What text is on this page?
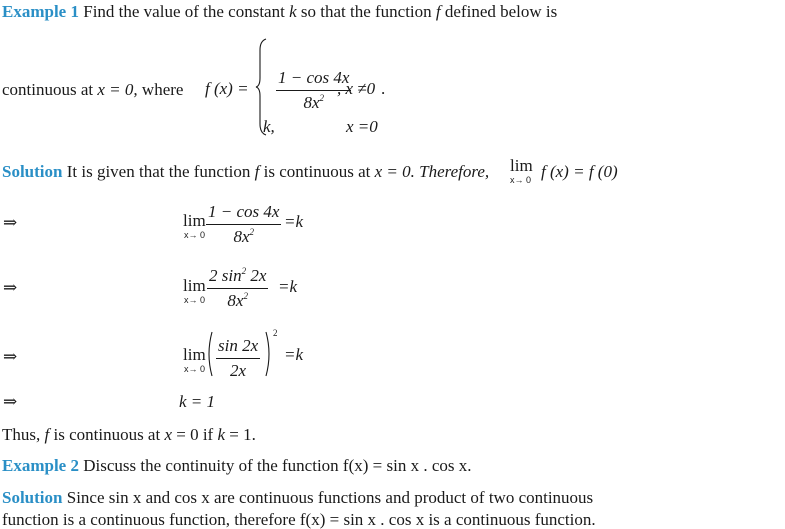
Example 1 Find the value of the constant k so that the function f defined below is
continuous at x = 0, where f (x) =
1 − cos 4x
$8x^2$ , x ≠0 .
k,	x =0
Solution It is given that the function f is continuous at x = 0. Therefore, lim
x→ 0 f (x) = f (0)
⇒	lim
x→ 0
1 − cos 4x
$8x^2$
=k
⇒	lim
x→ 0
2 $\sin^2 2x$
$8x^2$	=k
⇒	lim
x→ 0
sin 2x
2x
2
=k
⇒	k = 1
Thus, f is continuous at x = 0 if k = 1.
Example 2 Discuss the continuity of the function f(x) = sin x . cos x.
Solution Since sin x and cos x are continuous functions and product of two continuous
function is a continuous function, therefore f(x) = sin x . cos x is a continuous function.
